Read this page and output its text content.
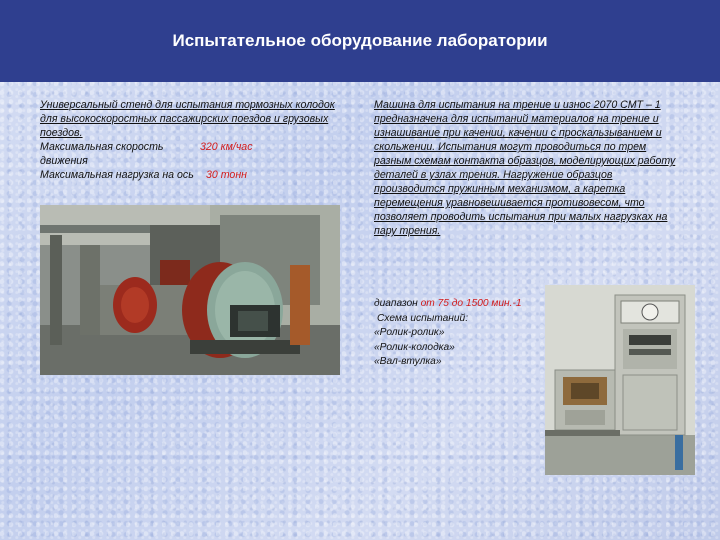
Испытательное оборудование лаборатории
Универсальный стенд для испытания тормозных колодок для высокоскоростных пассажирских поездов и грузовых поездов.
Максимальная скорость движения
320 км/час
Максимальная нагрузка на ось	30 тонн

Машина для испытания на трение и износ 2070 СМТ – 1 предназначена для испытаний материалов на трение и изнашивание при качении, качении с проскальзыванием и скольжении. Испытания могут проводиться по трем разным схемам контакта образцов, моделирующих работу деталей в узлах трения. Нагружение образцов производится пружинным механизмом, а каретка перемещения уравновешивается противовесом, что позволяет проводить испытания при малых нагрузках на пару трения.

диапазон от 75 до 1500 мин.-1
Схема испытаний:
«Ролик-ролик»
«Ролик-колодка»
«Вал-втулка»
